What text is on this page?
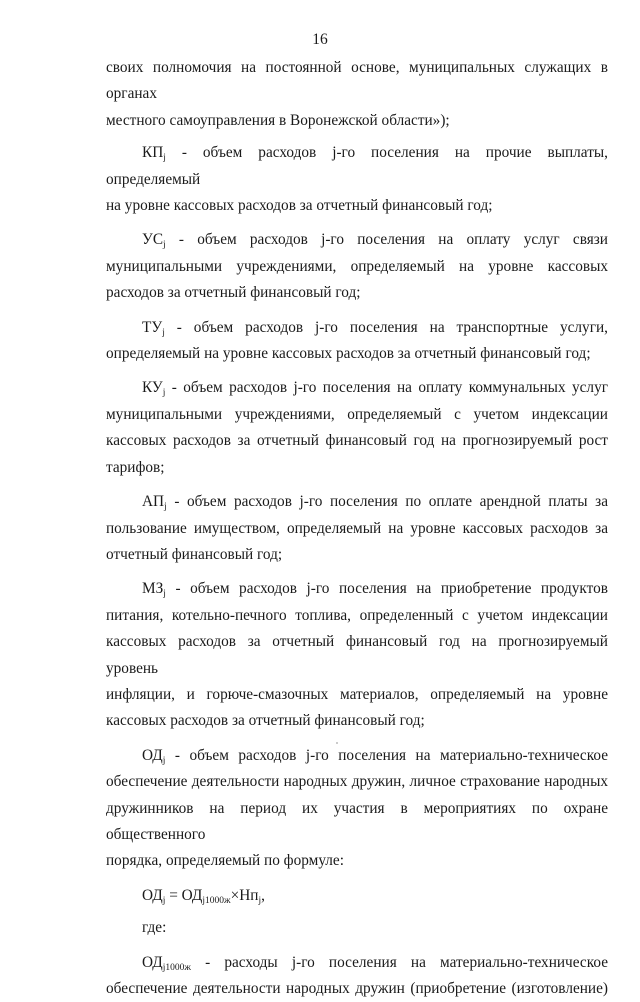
16

своих полномочия на постоянной основе, муниципальных служащих в органах

местного самоуправления в Воронежской области»);

$КП_j$ - объем расходов j-го поселения на прочие выплаты, определяемый

на уровне кассовых расходов за отчетный финансовый год;

$УС_j$ - объем расходов j-го поселения на оплату услуг связи

муниципальными учреждениями, определяемый на уровне кассовых

расходов за отчетный финансовый год;

$ТУ_j$ - объем расходов j-го поселения на транспортные услуги,

определяемый на уровне кассовых расходов за отчетный финансовый год;

$КУ_j$ - объем расходов j-го поселения на оплату коммунальных услуг

муниципальными учреждениями, определяемый с учетом индексации

кассовых расходов за отчетный финансовый год на прогнозируемый рост

тарифов;

$АП_j$ - объем расходов j-го поселения по оплате арендной платы за

пользование имуществом, определяемый на уровне кассовых расходов за

отчетный финансовый год;

$МЗ_j$ - объем расходов j-го поселения на приобретение продуктов

питания, котельно-печного топлива, определенный с учетом индексации

кассовых расходов за отчетный финансовый год на прогнозируемый уровень

инфляции, и горюче-смазочных материалов, определяемый на уровне

кассовых расходов за отчетный финансовый год;

$ОД_j$ - объем расходов j-го поселения на материально-техническое

обеспечение деятельности народных дружин, личное страхование народных

дружинников на период их участия в мероприятиях по охране общественного

порядка, определяемый по формуле:

$ОД_j = ОД_{j1000ж}\times Нп_j$,

где:

$ОД_{j1000ж}$ - расходы j-го поселения на материально-техническое

обеспечение деятельности народных дружин (приобретение (изготовление)
